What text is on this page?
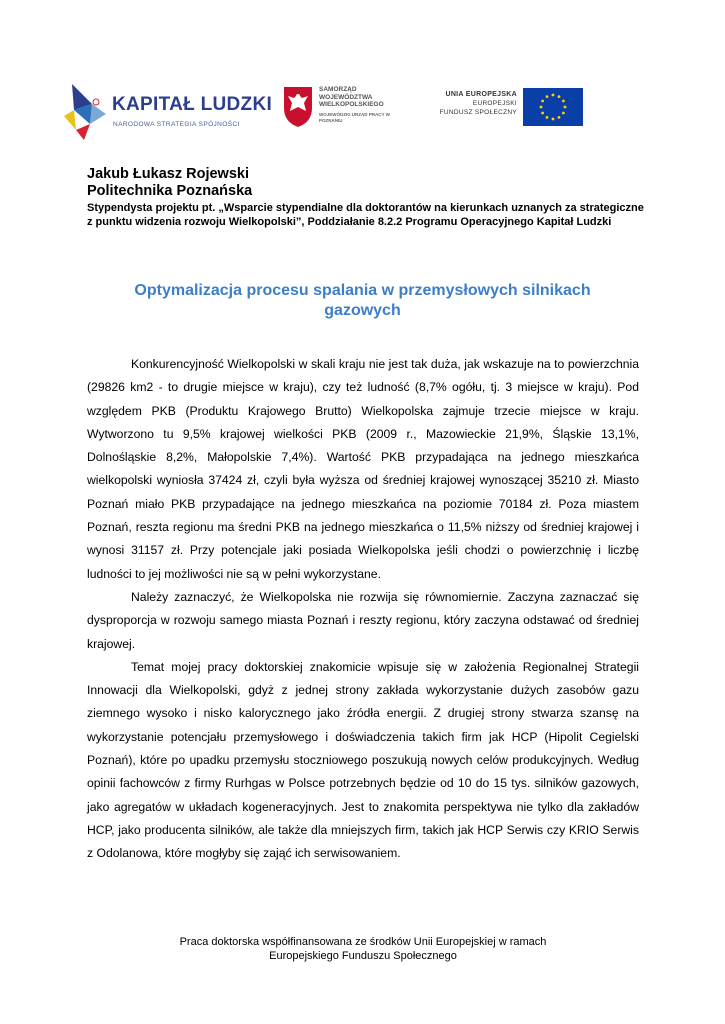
KAPITAŁ LUDZKI
NARODOWA STRATEGIA SPÓJNOŚCI
SAMORZĄD WOJEWÓDZTWA WIELKOPOLSKIEGO
WOJEWÓDZKI URZĄD PRACY W POZNANIU
UNIA EUROPEJSKA
EUROPEJSKI
FUNDUSZ SPOŁECZNY
Jakub Łukasz Rojewski
Politechnika Poznańska
Stypendysta projektu pt. „Wsparcie stypendialne dla doktorantów na kierunkach uznanych za strategiczne z punktu widzenia rozwoju Wielkopolski”, Poddziałanie 8.2.2 Programu Operacyjnego Kapitał Ludzki
Optymalizacja procesu spalania w przemysłowych silnikach gazowych

Konkurencyjność Wielkopolski w skali kraju nie jest tak duża, jak wskazuje na to powierzchnia (29826 km2 - to drugie miejsce w kraju), czy też ludność (8,7% ogółu, tj. 3 miejsce w kraju). Pod względem PKB (Produktu Krajowego Brutto) Wielkopolska zajmuje trzecie miejsce w kraju. Wytworzono tu 9,5% krajowej wielkości PKB (2009 r., Mazowieckie 21,9%, Śląskie 13,1%, Dolnośląskie 8,2%, Małopolskie 7,4%). Wartość PKB przypadająca na jednego mieszkańca wielkopolski wyniosła 37424 zł, czyli była wyższa od średniej krajowej wynoszącej 35210 zł. Miasto Poznań miało PKB przypadające na jednego mieszkańca na poziomie 70184 zł. Poza miastem Poznań, reszta regionu ma średni PKB na jednego mieszkańca o 11,5% niższy od średniej krajowej i wynosi 31157 zł. Przy potencjale jaki posiada Wielkopolska jeśli chodzi o powierzchnię i liczbę ludności to jej możliwości nie są w pełni wykorzystane.

Należy zaznaczyć, że Wielkopolska nie rozwija się równomiernie. Zaczyna zaznaczać się dysproporcja w rozwoju samego miasta Poznań i reszty regionu, który zaczyna odstawać od średniej krajowej.

Temat mojej pracy doktorskiej znakomicie wpisuje się w założenia Regionalnej Strategii Innowacji dla Wielkopolski, gdyż z jednej strony zakłada wykorzystanie dużych zasobów gazu ziemnego wysoko i nisko kalorycznego jako źródła energii. Z drugiej strony stwarza szansę na wykorzystanie potencjału przemysłowego i doświadczenia takich firm jak HCP (Hipolit Cegielski Poznań), które po upadku przemysłu stoczniowego poszukują nowych celów produkcyjnych. Według opinii fachowców z firmy Rurhgas w Polsce potrzebnych będzie od 10 do 15 tys. silników gazowych, jako agregatów w układach kogeneracyjnych. Jest to znakomita perspektywa nie tylko dla zakładów HCP, jako producenta silników, ale także dla mniejszych firm, takich jak HCP Serwis czy KRIO Serwis z Odolanowa, które mogłyby się zająć ich serwisowaniem.

Praca doktorska współfinansowana ze środków Unii Europejskiej w ramach
Europejskiego Funduszu Społecznego
